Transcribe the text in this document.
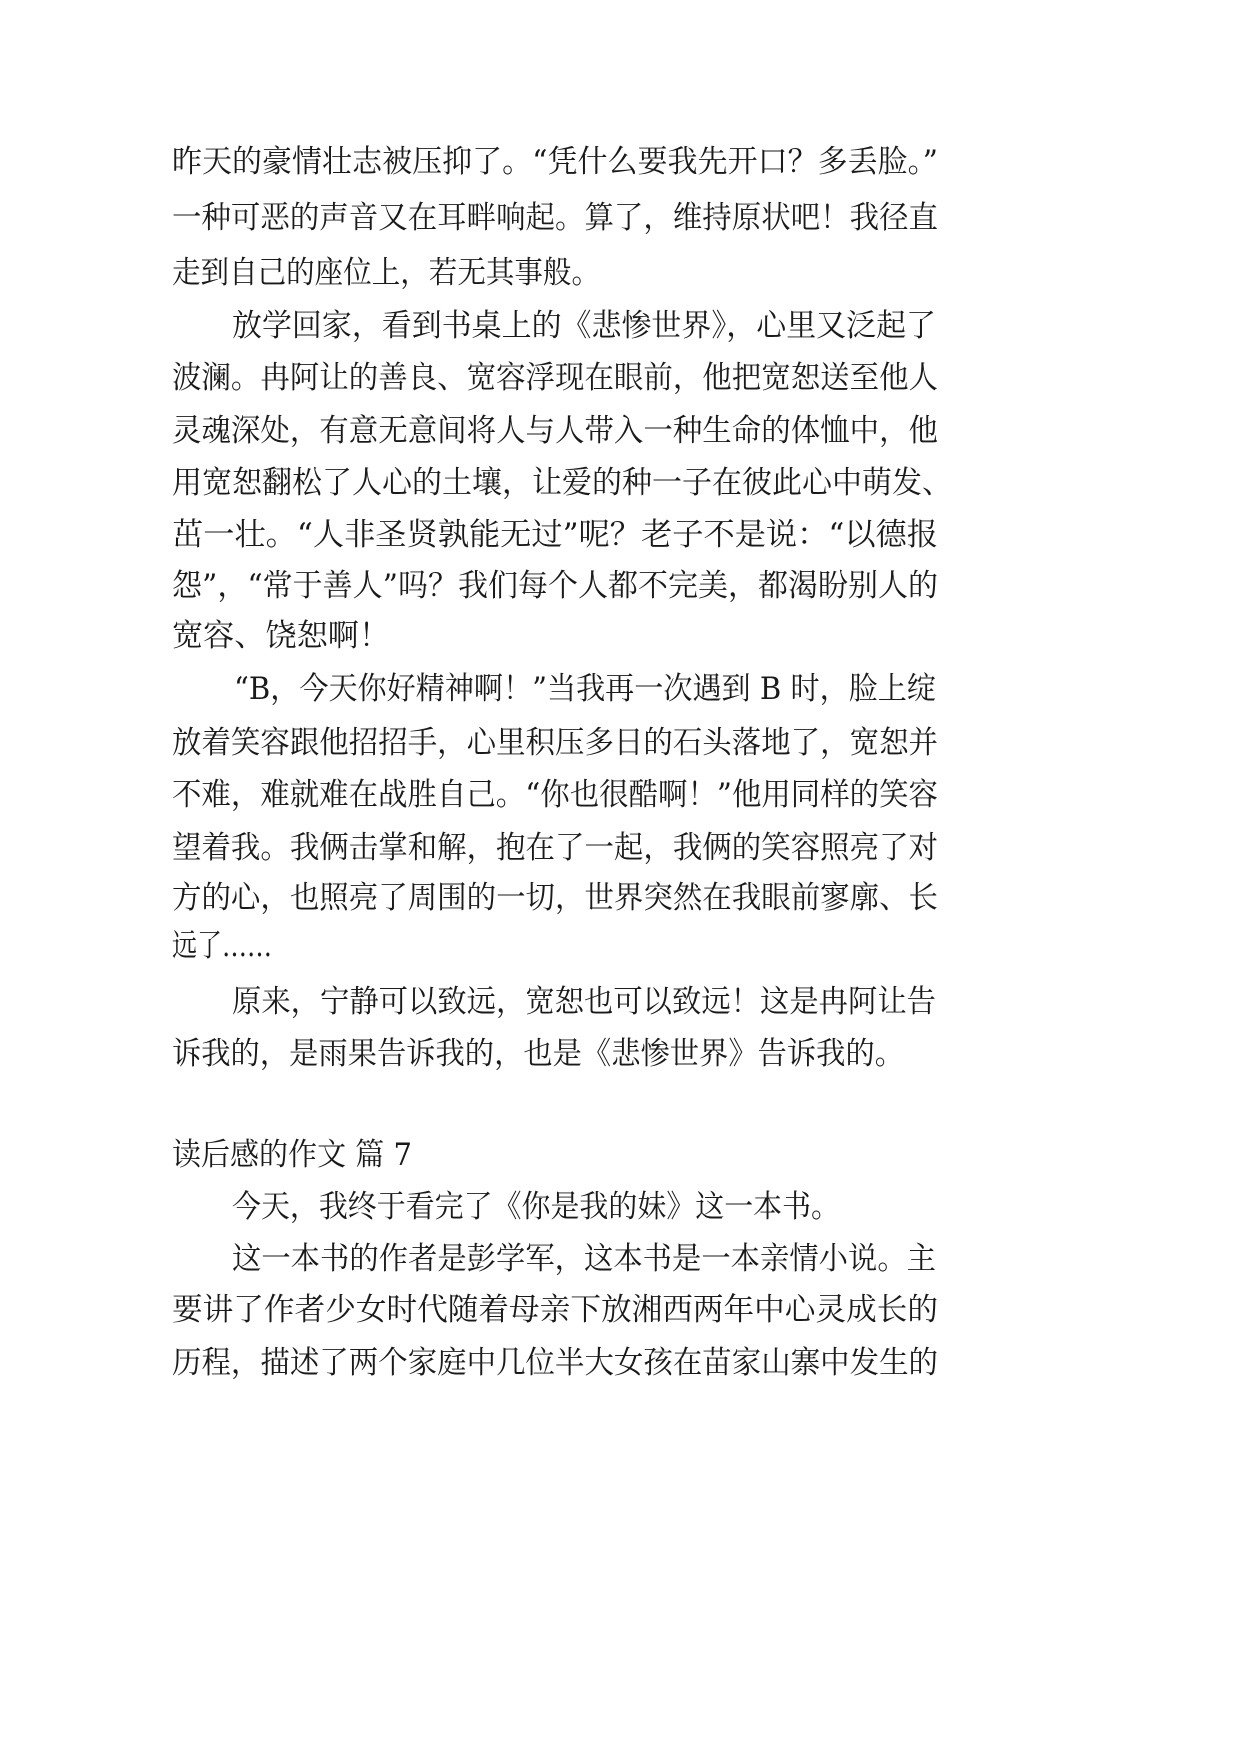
昨天的豪情壮志被压抑了。“凭什么要我先开口？多丢脸。”
一种可恶的声音又在耳畔响起。算了，维持原状吧！我径直
走到自己的座位上，若无其事般。
放学回家，看到书桌上的《悲惨世界》，心里又泛起了
波澜。冉阿让的善良、宽容浮现在眼前，他把宽恕送至他人
灵魂深处，有意无意间将人与人带入一种生命的体恤中，他
用宽恕翻松了人心的土壤，让爱的种一子在彼此心中萌发、
茁一壮。“人非圣贤孰能无过”呢？老子不是说：“以德报
怨”，“常于善人”吗？我们每个人都不完美，都渴盼别人的
宽容、饶恕啊！
“B，今天你好精神啊！”当我再一次遇到 B 时，脸上绽
放着笑容跟他招招手，心里积压多日的石头落地了，宽恕并
不难，难就难在战胜自己。“你也很酷啊！”他用同样的笑容
望着我。我俩击掌和解，抱在了一起，我俩的笑容照亮了对
方的心，也照亮了周围的一切，世界突然在我眼前寥廓、长
远了……
原来，宁静可以致远，宽恕也可以致远！这是冉阿让告
诉我的，是雨果告诉我的，也是《悲惨世界》告诉我的。
读后感的作文 篇 7
今天，我终于看完了《你是我的妹》这一本书。
这一本书的作者是彭学军，这本书是一本亲情小说。主
要讲了作者少女时代随着母亲下放湘西两年中心灵成长的
历程，描述了两个家庭中几位半大女孩在苗家山寨中发生的
